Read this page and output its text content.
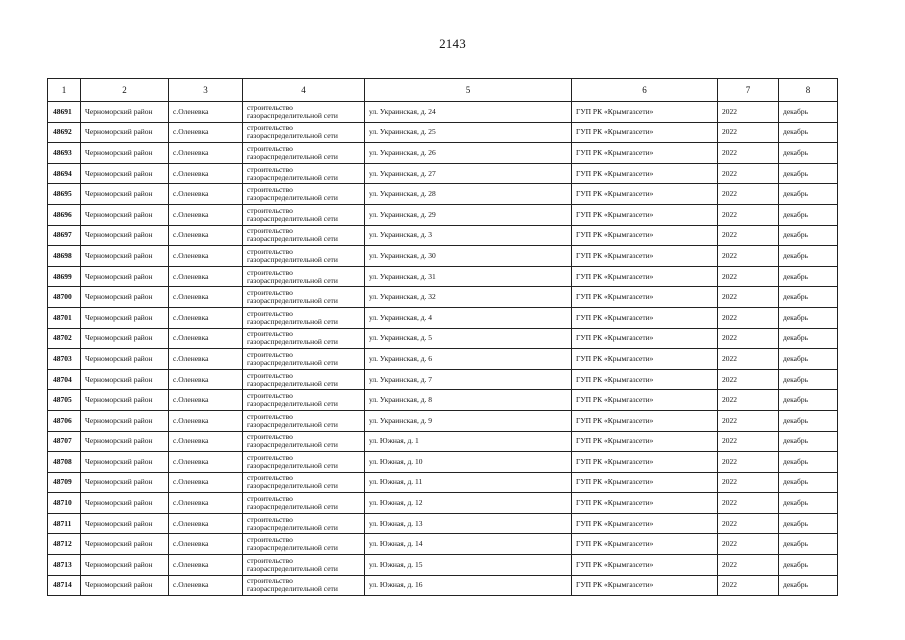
2143
1	2	3	4	5	6	7	8
48691	Черноморский район	с.Оленевка	строительство газораспределительной сети	ул. Украинская, д. 24	ГУП РК «Крымгазсети»	2022	декабрь
48692	Черноморский район	с.Оленевка	строительство газораспределительной сети	ул. Украинская, д. 25	ГУП РК «Крымгазсети»	2022	декабрь
48693	Черноморский район	с.Оленевка	строительство газораспределительной сети	ул. Украинская, д. 26	ГУП РК «Крымгазсети»	2022	декабрь
48694	Черноморский район	с.Оленевка	строительство газораспределительной сети	ул. Украинская, д. 27	ГУП РК «Крымгазсети»	2022	декабрь
48695	Черноморский район	с.Оленевка	строительство газораспределительной сети	ул. Украинская, д. 28	ГУП РК «Крымгазсети»	2022	декабрь
48696	Черноморский район	с.Оленевка	строительство газораспределительной сети	ул. Украинская, д. 29	ГУП РК «Крымгазсети»	2022	декабрь
48697	Черноморский район	с.Оленевка	строительство газораспределительной сети	ул. Украинская, д. 3	ГУП РК «Крымгазсети»	2022	декабрь
48698	Черноморский район	с.Оленевка	строительство газораспределительной сети	ул. Украинская, д. 30	ГУП РК «Крымгазсети»	2022	декабрь
48699	Черноморский район	с.Оленевка	строительство газораспределительной сети	ул. Украинская, д. 31	ГУП РК «Крымгазсети»	2022	декабрь
48700	Черноморский район	с.Оленевка	строительство газораспределительной сети	ул. Украинская, д. 32	ГУП РК «Крымгазсети»	2022	декабрь
48701	Черноморский район	с.Оленевка	строительство газораспределительной сети	ул. Украинская, д. 4	ГУП РК «Крымгазсети»	2022	декабрь
48702	Черноморский район	с.Оленевка	строительство газораспределительной сети	ул. Украинская, д. 5	ГУП РК «Крымгазсети»	2022	декабрь
48703	Черноморский район	с.Оленевка	строительство газораспределительной сети	ул. Украинская, д. 6	ГУП РК «Крымгазсети»	2022	декабрь
48704	Черноморский район	с.Оленевка	строительство газораспределительной сети	ул. Украинская, д. 7	ГУП РК «Крымгазсети»	2022	декабрь
48705	Черноморский район	с.Оленевка	строительство газораспределительной сети	ул. Украинская, д. 8	ГУП РК «Крымгазсети»	2022	декабрь
48706	Черноморский район	с.Оленевка	строительство газораспределительной сети	ул. Украинская, д. 9	ГУП РК «Крымгазсети»	2022	декабрь
48707	Черноморский район	с.Оленевка	строительство газораспределительной сети	ул. Южная, д. 1	ГУП РК «Крымгазсети»	2022	декабрь
48708	Черноморский район	с.Оленевка	строительство газораспределительной сети	ул. Южная, д. 10	ГУП РК «Крымгазсети»	2022	декабрь
48709	Черноморский район	с.Оленевка	строительство газораспределительной сети	ул. Южная, д. 11	ГУП РК «Крымгазсети»	2022	декабрь
48710	Черноморский район	с.Оленевка	строительство газораспределительной сети	ул. Южная, д. 12	ГУП РК «Крымгазсети»	2022	декабрь
48711	Черноморский район	с.Оленевка	строительство газораспределительной сети	ул. Южная, д. 13	ГУП РК «Крымгазсети»	2022	декабрь
48712	Черноморский район	с.Оленевка	строительство газораспределительной сети	ул. Южная, д. 14	ГУП РК «Крымгазсети»	2022	декабрь
48713	Черноморский район	с.Оленевка	строительство газораспределительной сети	ул. Южная, д. 15	ГУП РК «Крымгазсети»	2022	декабрь
48714	Черноморский район	с.Оленевка	строительство газораспределительной сети	ул. Южная, д. 16	ГУП РК «Крымгазсети»	2022	декабрь
